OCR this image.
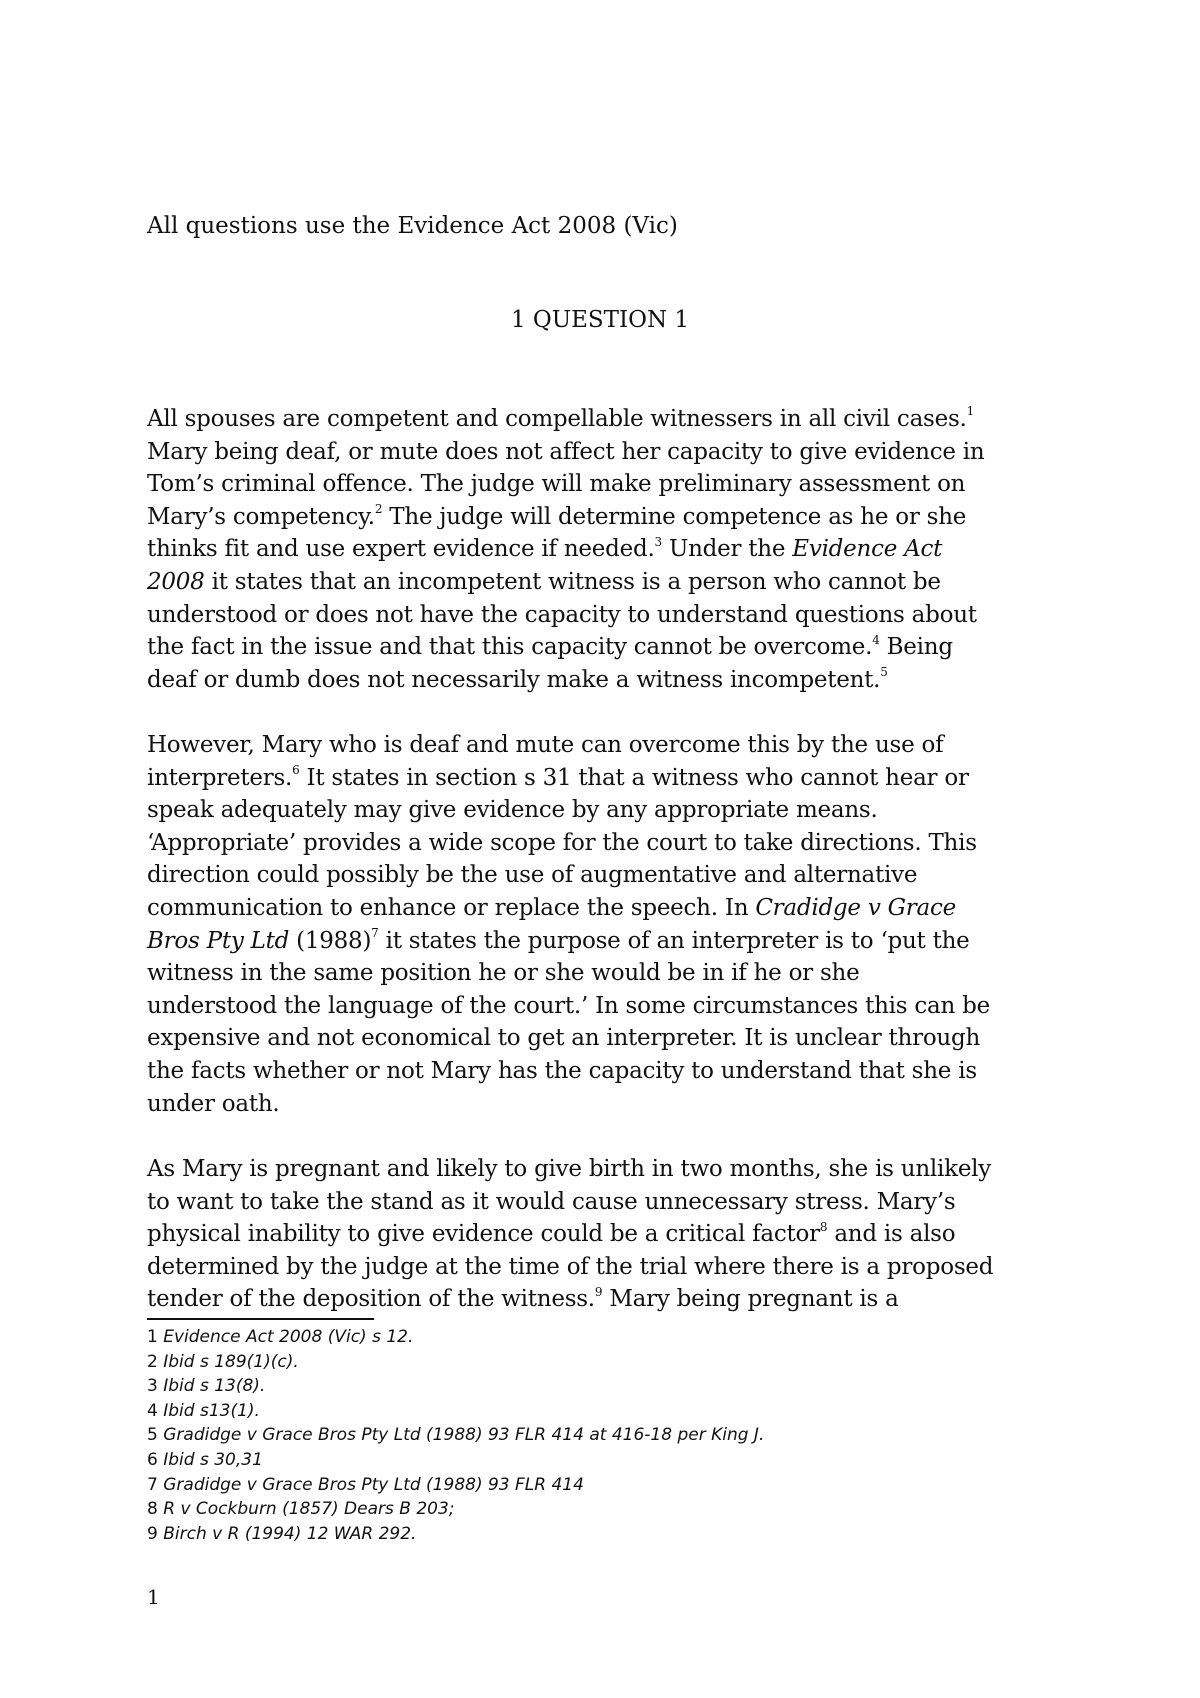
All questions use the Evidence Act 2008 (Vic)
1 QUESTION 1
All spouses are competent and compellable witnessers in all civil cases.$^1$
Mary being deaf, or mute does not affect her capacity to give evidence in
Tom’s criminal offence. The judge will make preliminary assessment on
Mary’s competency.$^2$ The judge will determine competence as he or she
thinks fit and use expert evidence if needed.$^3$ Under the Evidence Act
2008 it states that an incompetent witness is a person who cannot be
understood or does not have the capacity to understand questions about
the fact in the issue and that this capacity cannot be overcome.$^4$ Being
deaf or dumb does not necessarily make a witness incompetent.$^5$
However, Mary who is deaf and mute can overcome this by the use of
interpreters.$^6$ It states in section s 31 that a witness who cannot hear or
speak adequately may give evidence by any appropriate means.
‘Appropriate’ provides a wide scope for the court to take directions. This
direction could possibly be the use of augmentative and alternative
communication to enhance or replace the speech. In Cradidge v Grace
Bros Pty Ltd $(1988)^7$ it states the purpose of an interpreter is to ‘put the
witness in the same position he or she would be in if he or she
understood the language of the court.’ In some circumstances this can be
expensive and not economical to get an interpreter. It is unclear through
the facts whether or not Mary has the capacity to understand that she is
under oath.
As Mary is pregnant and likely to give birth in two months, she is unlikely
to want to take the stand as it would cause unnecessary stress. Mary’s
physical inability to give evidence could be a critical factor$^8$ and is also
determined by the judge at the time of the trial where there is a proposed
tender of the deposition of the witness.$^9$ Mary being pregnant is a
1 Evidence Act 2008 (Vic) s 12.
2 Ibid s 189(1)(c).
3 Ibid s 13(8).
4 Ibid s13(1).
5 Gradidge v Grace Bros Pty Ltd (1988) 93 FLR 414 at 416-18 per King J.
6 Ibid s 30,31
7 Gradidge v Grace Bros Pty Ltd (1988) 93 FLR 414
8 R v Cockburn (1857) Dears B 203;
9 Birch v R (1994) 12 WAR 292.
1
